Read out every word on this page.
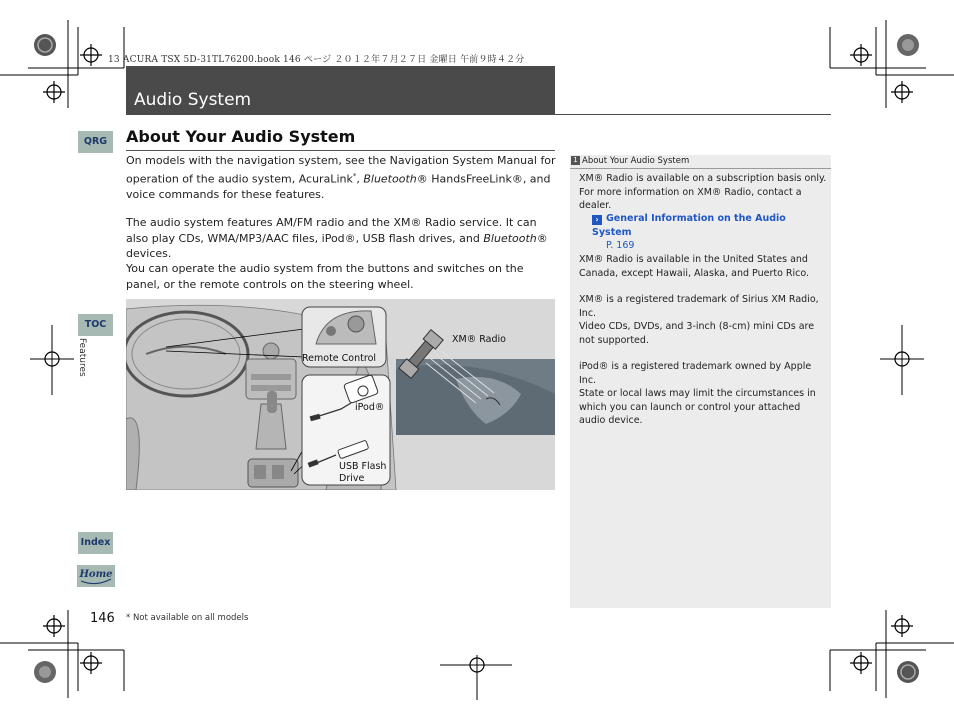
13 ACURA TSX 5D-31TL76200.book 146 ページ ２０１２年７月２７日 金曜日 午前９時４２分
Audio System
QRG
TOC
Features
Index
Home
About Your Audio System
On models with the navigation system, see the Navigation System Manual for operation of the audio system, AcuraLink*, Bluetooth® HandsFreeLink®, and voice commands for these features.
The audio system features AM/FM radio and the XM® Radio service. It can also play CDs, WMA/MP3/AAC files, iPod®, USB flash drives, and Bluetooth® devices.
You can operate the audio system from the buttons and switches on the panel, or the remote controls on the steering wheel.
Remote Control
iPod®
USB Flash
Drive
XM® Radio
1 About Your Audio System
XM® Radio is available on a subscription basis only. For more information on XM® Radio, contact a dealer.
› General Information on the Audio System
P. 169
XM® Radio is available in the United States and Canada, except Hawaii, Alaska, and Puerto Rico.
XM® is a registered trademark of Sirius XM Radio, Inc.
Video CDs, DVDs, and 3-inch (8-cm) mini CDs are not supported.
iPod® is a registered trademark owned by Apple Inc.
State or local laws may limit the circumstances in which you can launch or control your attached audio device.
146 * Not available on all models
